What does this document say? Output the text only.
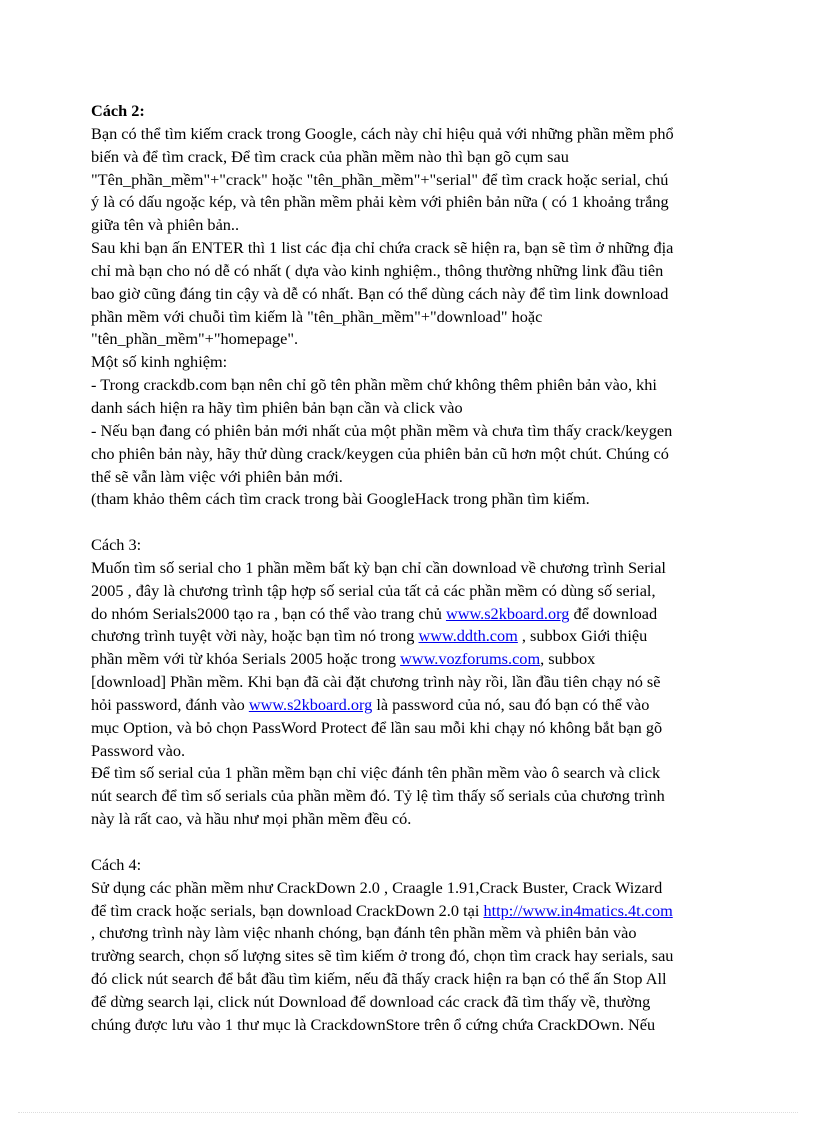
Cách 2:
Bạn có thể tìm kiếm crack trong Google, cách này chỉ hiệu quả với những phần mềm phổ
biến và để tìm crack, Để tìm crack của phần mềm nào thì bạn gõ cụm sau
"Tên_phần_mềm"+"crack" hoặc "tên_phần_mềm"+"serial" để tìm crack hoặc serial, chú
ý là có dấu ngoặc kép, và tên phần mềm phải kèm với phiên bản nữa ( có 1 khoảng trắng
giữa tên và phiên bản..
Sau khi bạn ấn ENTER thì 1 list các địa chỉ chứa crack sẽ hiện ra, bạn sẽ tìm ở những địa
chỉ mà bạn cho nó dễ có nhất ( dựa vào kinh nghiệm., thông thường những link đầu tiên
bao giờ cũng đáng tin cậy và dễ có nhất. Bạn có thể dùng cách này để tìm link download
phần mềm với chuỗi tìm kiếm là "tên_phần_mềm"+"download" hoặc
"tên_phần_mềm"+"homepage".
Một số kinh nghiệm:
- Trong crackdb.com bạn nên chỉ gõ tên phần mềm chứ không thêm phiên bản vào, khi
danh sách hiện ra hãy tìm phiên bản bạn cần và click vào
- Nếu bạn đang có phiên bản mới nhất của một phần mềm và chưa tìm thấy crack/keygen
cho phiên bản này, hãy thử dùng crack/keygen của phiên bản cũ hơn một chút. Chúng có
thể sẽ vẫn làm việc với phiên bản mới.
(tham khảo thêm cách tìm crack trong bài GoogleHack trong phần tìm kiếm.
Cách 3:
Muốn tìm số serial cho 1 phần mềm bất kỳ bạn chỉ cần download về chương trình Serial
2005 , đây là chương trình tập hợp số serial của tất cả các phần mềm có dùng số serial,
do nhóm Serials2000 tạo ra , bạn có thể vào trang chủ www.s2kboard.org để download
chương trình tuyệt vời này, hoặc bạn tìm nó trong www.ddth.com , subbox Giới thiệu
phần mềm với từ khóa Serials 2005 hoặc trong www.vozforums.com, subbox
[download] Phần mềm. Khi bạn đã cài đặt chương trình này rồi, lần đầu tiên chạy nó sẽ
hỏi password, đánh vào www.s2kboard.org là password của nó, sau đó bạn có thể vào
mục Option, và bỏ chọn PassWord Protect để lần sau mỗi khi chạy nó không bắt bạn gõ
Password vào.
Để tìm số serial của 1 phần mềm bạn chỉ việc đánh tên phần mềm vào ô search và click
nút search để tìm số serials của phần mềm đó. Tỷ lệ tìm thấy số serials của chương trình
này là rất cao, và hầu như mọi phần mềm đều có.
Cách 4:
Sử dụng các phần mềm như CrackDown 2.0 , Craagle 1.91,Crack Buster, Crack Wizard
để tìm crack hoặc serials, bạn download CrackDown 2.0 tại http://www.in4matics.4t.com
, chương trình này làm việc nhanh chóng, bạn đánh tên phần mềm và phiên bản vào
trường search, chọn số lượng sites sẽ tìm kiếm ở trong đó, chọn tìm crack hay serials, sau
đó click nút search để bắt đầu tìm kiếm, nếu đã thấy crack hiện ra bạn có thể ấn Stop All
để dừng search lại, click nút Download để download các crack đã tìm thấy về, thường
chúng được lưu vào 1 thư mục là CrackdownStore trên ổ cứng chứa CrackDOwn. Nếu
